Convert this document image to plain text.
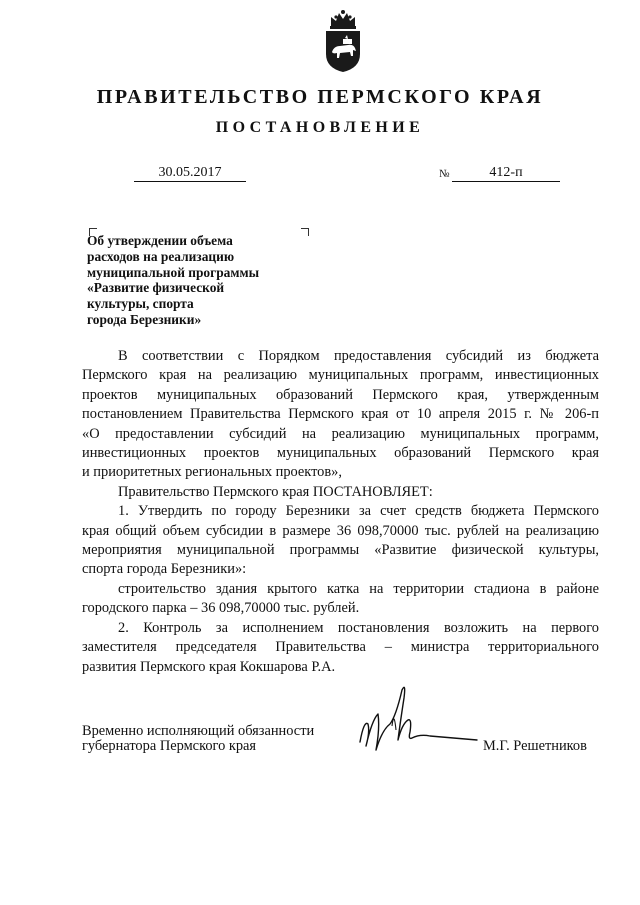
ПРАВИТЕЛЬСТВО ПЕРМСКОГО КРАЯ
ПОСТАНОВЛЕНИЕ
30.05.2017	№	412-п
Об утверждении объема
расходов на реализацию
муниципальной программы
«Развитие физической
культуры, спорта
города Березники»
В соответствии с Порядком предоставления субсидий из бюджета
Пермского края на реализацию муниципальных программ, инвестиционных
проектов муниципальных образований Пермского края, утвержденным
постановлением Правительства Пермского края от 10 апреля 2015 г. № 206-п
«О предоставлении субсидий на реализацию муниципальных программ,
инвестиционных проектов муниципальных образований Пермского края
и приоритетных региональных проектов»,
Правительство Пермского края ПОСТАНОВЛЯЕТ:
1. Утвердить по городу Березники за счет средств бюджета Пермского
края общий объем субсидии в размере 36 098,70000 тыс. рублей на реализацию
мероприятия муниципальной программы «Развитие физической культуры,
спорта города Березники»:
строительство здания крытого катка на территории стадиона в районе
городского парка – 36 098,70000 тыс. рублей.
2. Контроль за исполнением постановления возложить на первого
заместителя председателя Правительства – министра территориального
развития Пермского края Кокшарова Р.А.
Временно исполняющий обязанности
губернатора Пермского края	М.Г. Решетников
